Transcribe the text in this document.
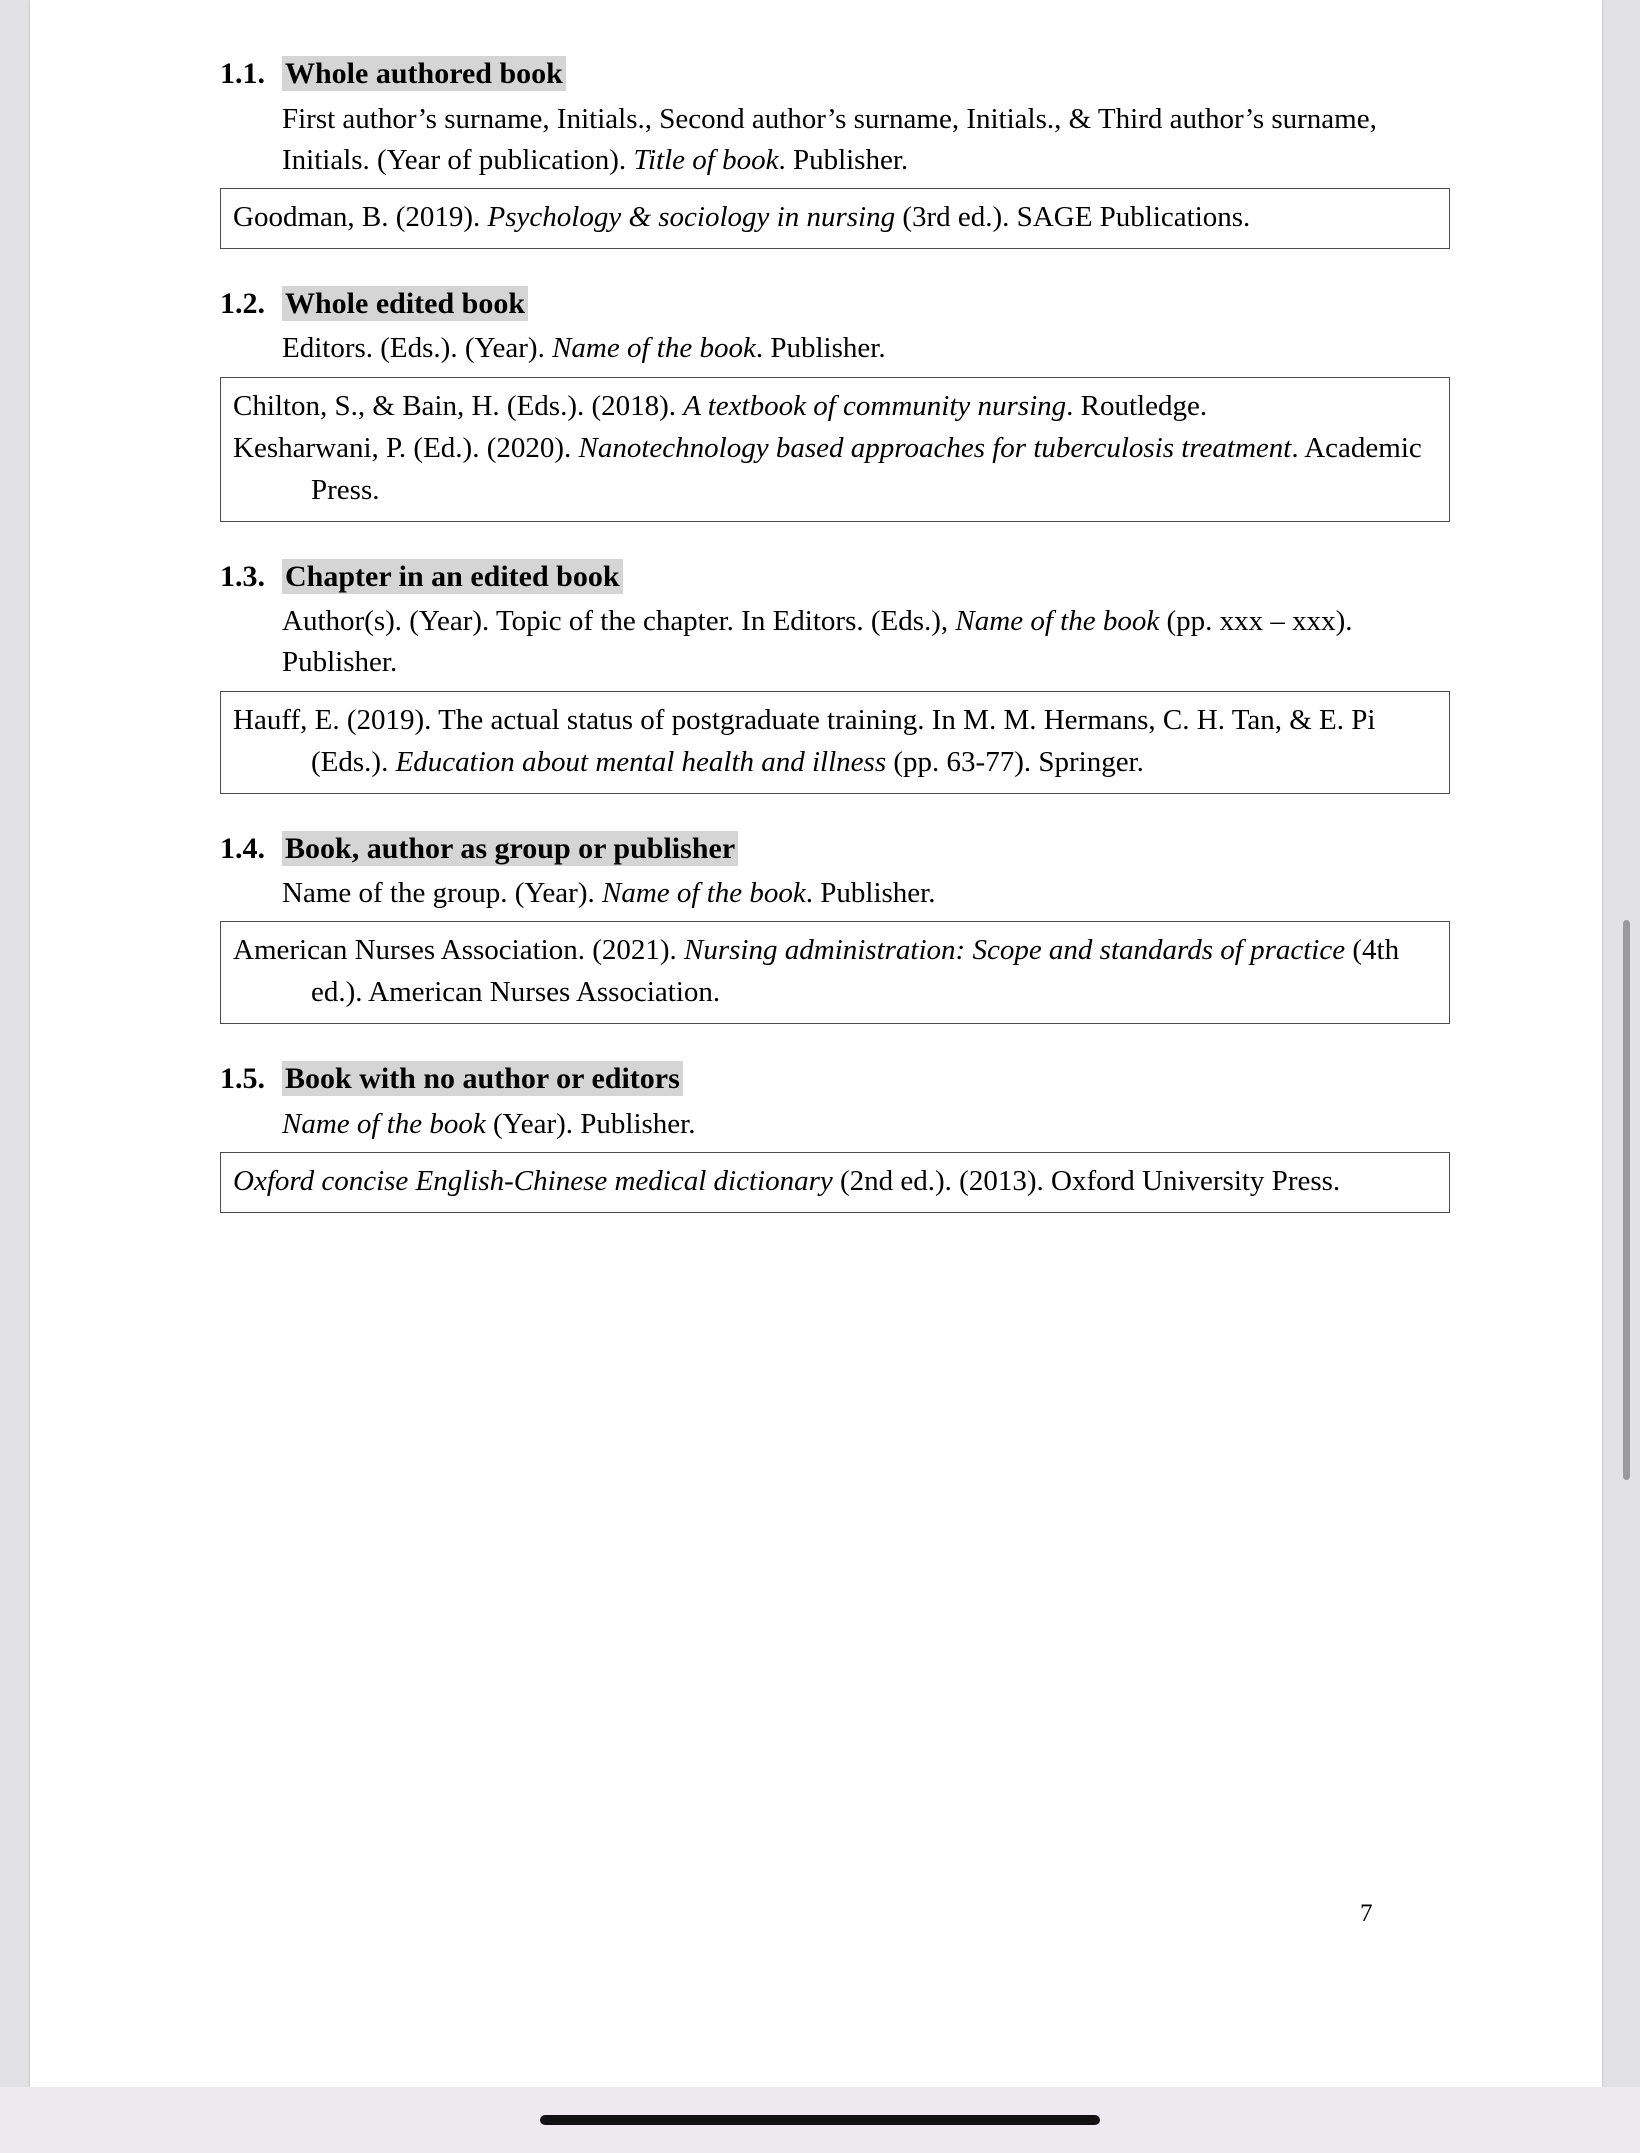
1.1. Whole authored book

First author’s surname, Initials., Second author’s surname, Initials., & Third author’s surname, Initials. (Year of publication). Title of book. Publisher.

Goodman, B. (2019). Psychology & sociology in nursing (3rd ed.). SAGE Publications.
1.2. Whole edited book

Editors. (Eds.). (Year). Name of the book. Publisher.

Chilton, S., & Bain, H. (Eds.). (2018). A textbook of community nursing. Routledge.
Kesharwani, P. (Ed.). (2020). Nanotechnology based approaches for tuberculosis treatment. Academic Press.
1.3. Chapter in an edited book

Author(s). (Year). Topic of the chapter. In Editors. (Eds.), Name of the book (pp. xxx – xxx). Publisher.

Hauff, E. (2019). The actual status of postgraduate training. In M. M. Hermans, C. H. Tan, & E. Pi (Eds.). Education about mental health and illness (pp. 63-77). Springer.
1.4. Book, author as group or publisher

Name of the group. (Year). Name of the book. Publisher.

American Nurses Association. (2021). Nursing administration: Scope and standards of practice (4th ed.). American Nurses Association.
1.5. Book with no author or editors

Name of the book (Year). Publisher.

Oxford concise English-Chinese medical dictionary (2nd ed.). (2013). Oxford University Press.
7
